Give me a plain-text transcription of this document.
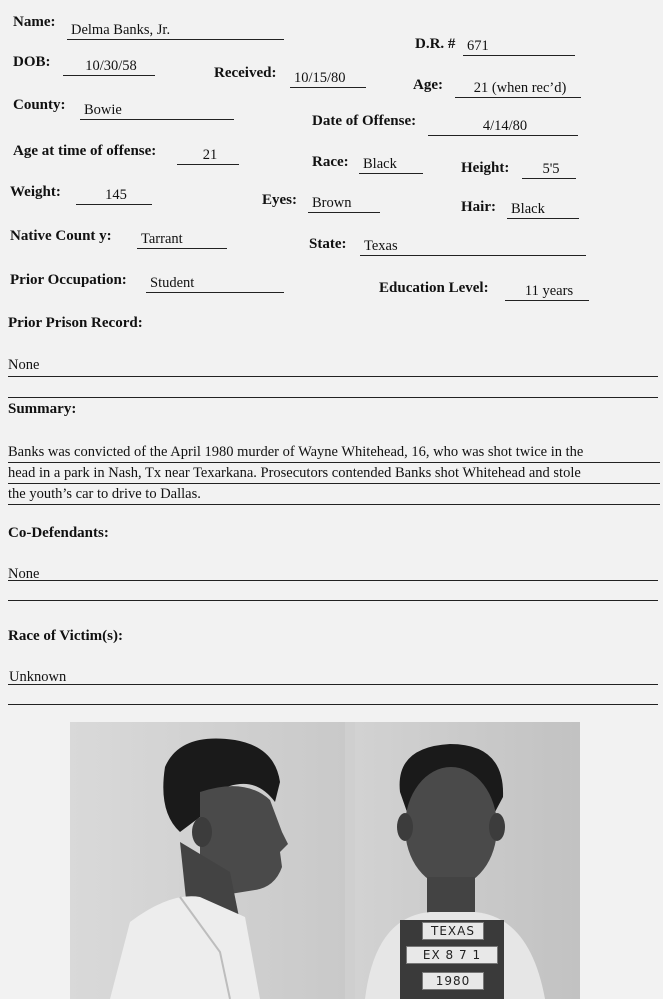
Name: Delma Banks, Jr.
D.R. # 671
DOB:	10/30/58	Received: 10/15/80	Age:	21 (when rec’d)
County: Bowie
Date of Offense:	4/14/80
Age at time of offense:	21	Race: Black	Height:	5'5
Weight:	145	Eyes: Brown	Hair: Black
Native Count y: Tarrant	State: Texas
Prior Occupation: Student	Education Level:	11 years
Prior Prison Record:
None
Summary:
Banks was convicted of the April 1980 murder of Wayne Whitehead, 16, who was shot twice in the
head in a park in Nash, Tx near Texarkana. Prosecutors contended Banks shot Whitehead and stole
the youth’s car to drive to Dallas.
Co-Defendants:
None
Race of Victim(s):
Unknown
TEXAS
EX 8 7 1
1980
